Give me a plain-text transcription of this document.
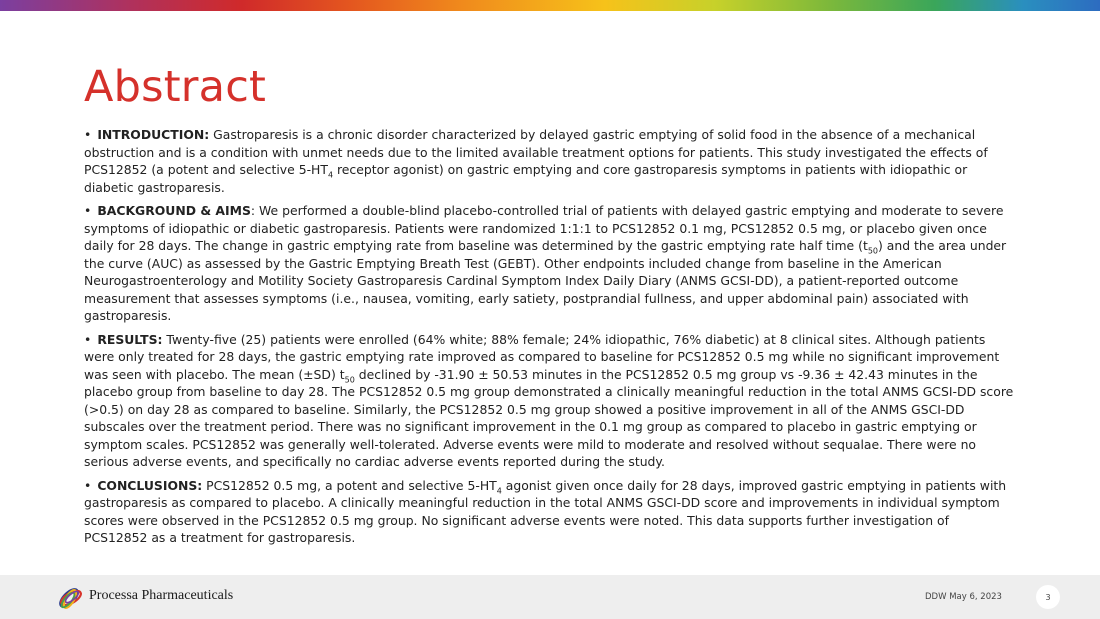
Abstract

• INTRODUCTION: Gastroparesis is a chronic disorder characterized by delayed gastric emptying of solid food in the absence of a mechanical obstruction and is a condition with unmet needs due to the limited available treatment options for patients. This study investigated the effects of PCS12852 (a potent and selective $5-HT_4$ receptor agonist) on gastric emptying and core gastroparesis symptoms in patients with idiopathic or diabetic gastroparesis.

• BACKGROUND & AIMS: We performed a double-blind placebo-controlled trial of patients with delayed gastric emptying and moderate to severe symptoms of idiopathic or diabetic gastroparesis. Patients were randomized 1:1:1 to PCS12852 0.1 mg, PCS12852 0.5 mg, or placebo given once daily for 28 days. The change in gastric emptying rate from baseline was determined by the gastric emptying rate half time $(t_{50})$ and the area under the curve (AUC) as assessed by the Gastric Emptying Breath Test (GEBT). Other endpoints included change from baseline in the American Neurogastroenterology and Motility Society Gastroparesis Cardinal Symptom Index Daily Diary (ANMS GCSI-DD), a patient-reported outcome measurement that assesses symptoms (i.e., nausea, vomiting, early satiety, postprandial fullness, and upper abdominal pain) associated with gastroparesis.

• RESULTS: Twenty-five (25) patients were enrolled (64% white; 88% female; 24% idiopathic, 76% diabetic) at 8 clinical sites. Although patients were only treated for 28 days, the gastric emptying rate improved as compared to baseline for PCS12852 0.5 mg while no significant improvement was seen with placebo. The mean (±SD) $t_{50}$ declined by -31.90 ± 50.53 minutes in the PCS12852 0.5 mg group vs -9.36 ± 42.43 minutes in the placebo group from baseline to day 28. The PCS12852 0.5 mg group demonstrated a clinically meaningful reduction in the total ANMS GCSI-DD score (>0.5) on day 28 as compared to baseline. Similarly, the PCS12852 0.5 mg group showed a positive improvement in all of the ANMS GSCI-DD subscales over the treatment period. There was no significant improvement in the 0.1 mg group as compared to placebo in gastric emptying or symptom scales. PCS12852 was generally well-tolerated. Adverse events were mild to moderate and resolved without sequalae. There were no serious adverse events, and specifically no cardiac adverse events reported during the study.

• CONCLUSIONS: PCS12852 0.5 mg, a potent and selective $5-HT_4$ agonist given once daily for 28 days, improved gastric emptying in patients with gastroparesis as compared to placebo. A clinically meaningful reduction in the total ANMS GSCI-DD score and improvements in individual symptom scores were observed in the PCS12852 0.5 mg group. No significant adverse events were noted. This data supports further investigation of PCS12852 as a treatment for gastroparesis.

Processa Pharmaceuticals	DDW May 6, 2023	3
